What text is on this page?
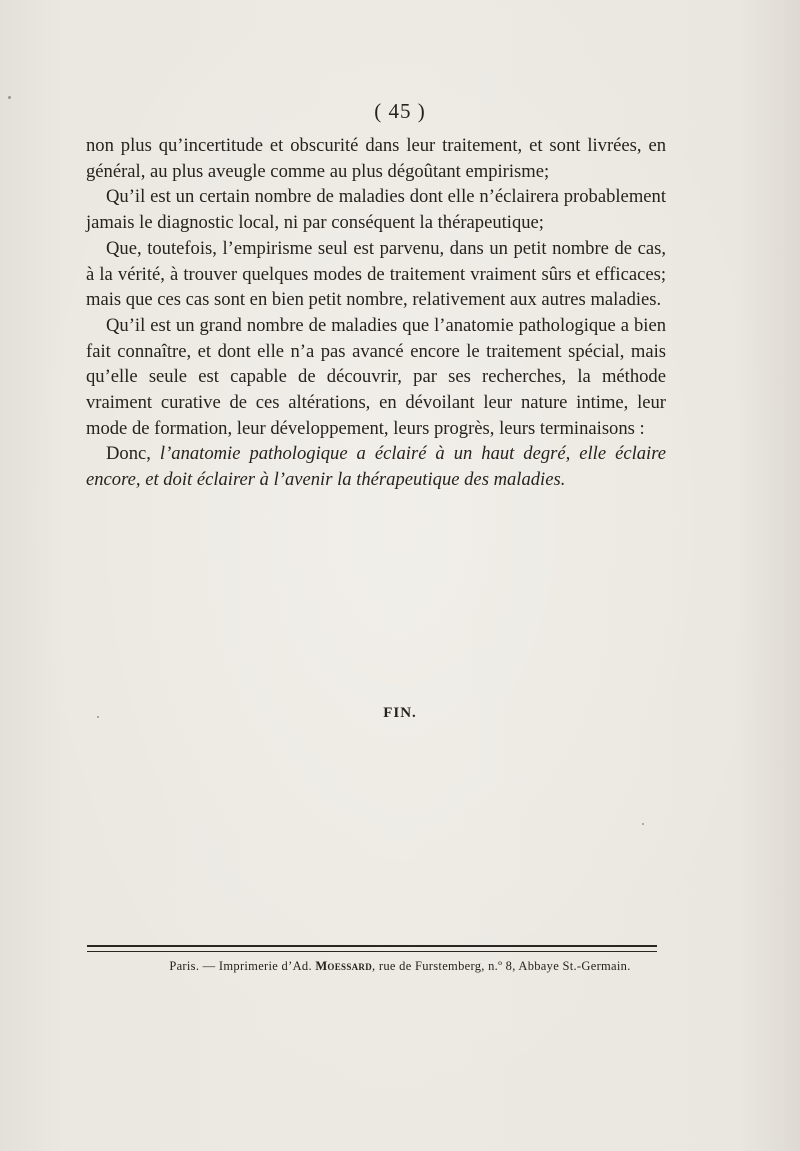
( 45 )

non plus qu’incertitude et obscurité dans leur traitement, et sont livrées, en général, au plus aveugle comme au plus dégoûtant empirisme;

Qu’il est un certain nombre de maladies dont elle n’éclairera probablement jamais le diagnostic local, ni par conséquent la thérapeutique;

Que, toutefois, l’empirisme seul est parvenu, dans un petit nombre de cas, à la vérité, à trouver quelques modes de traitement vraiment sûrs et efficaces; mais que ces cas sont en bien petit nombre, relativement aux autres maladies.

Qu’il est un grand nombre de maladies que l’anatomie pathologique a bien fait connaître, et dont elle n’a pas avancé encore le traitement spécial, mais qu’elle seule est capable de découvrir, par ses recherches, la méthode vraiment curative de ces altérations, en dévoilant leur nature intime, leur mode de formation, leur développement, leurs progrès, leurs terminaisons :

Donc, l’anatomie pathologique a éclairé à un haut degré, elle éclaire encore, et doit éclairer à l’avenir la thérapeutique des maladies.

FIN.
Paris. — Imprimerie d’Ad. Moessard, rue de Furstemberg, n.º 8, Abbaye St.-Germain.
